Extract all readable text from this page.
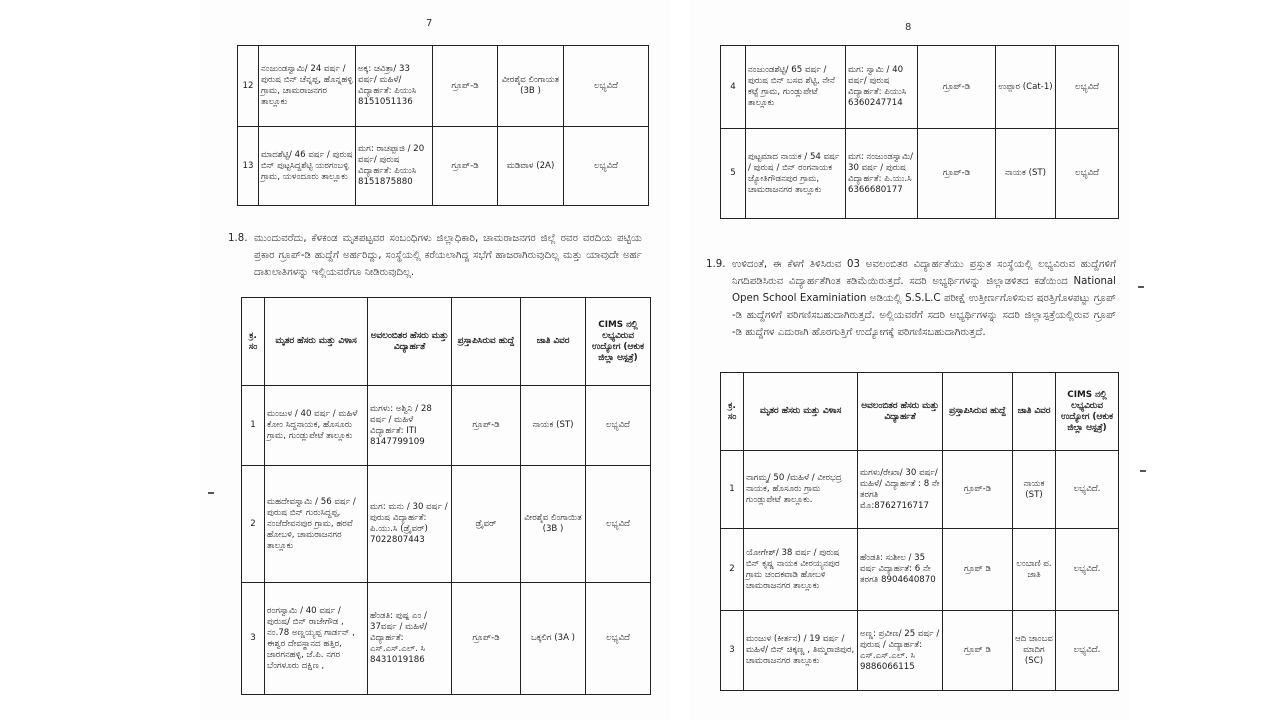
7	8
12	ನಂಜುಂಡಸ್ವಾಮಿ/ 24 ವರ್ಷ / ಪುರುಷ ಬಿನ್ ಚೆನ್ನಪ್ಪ, ಹೊನ್ನಹಳ್ಳಿ ಗ್ರಾಮ, ಚಾಮರಾಜನಗರ ತಾಲ್ಲೂಕು	ಅಕ್ಕ: ಚವಿತ್ರಾ/ 33 ವರ್ಷ/ ಮಹಿಳೆ/ ವಿದ್ಯಾರ್ಹತೆ: ಪಿಯುಸಿ 8151051136	ಗ್ರೂಪ್-ಡಿ	ವೀರಶೈವ ಲಿಂಗಾಯತ (3B )	ಲಭ್ಯವಿದೆ
13	ಮಾದಶೆಟ್ಟಿ/ 46 ವರ್ಷ / ಪುರುಷ ಬಿನ್ ಪುಟ್ಟಸಿದ್ದಶೆಟ್ಟಿ ಯರಗಂಬಳ್ಳಿ ಗ್ರಾಮ, ಯಳಂದೂರು ತಾಲ್ಲೂಕು	ಮಗ: ರಾಚಪ್ಪಾಜಿ / 20 ವರ್ಷ/ ಪುರುಷ ವಿದ್ಯಾರ್ಹತೆ: ಪಿಯುಸಿ 8151875880	ಗ್ರೂಪ್-ಡಿ	ಮಡಿವಾಳ (2A)	ಲಭ್ಯವಿದೆ
1.8. ಮುಂದುವರೆದು, ಕೆಳಕಂಡ ಮೃತಪಟ್ಟವರ ಸಂಬಂಧಿಗಳು ಜಿಲ್ಲಾಧಿಕಾರಿ, ಚಾಮರಾಜನಗರ ಜಿಲ್ಲೆ ರವರ ವರದಿಯ ಪಟ್ಟಿಯ ಪ್ರಕಾರ ಗ್ರೂಪ್-ಡಿ ಹುದ್ದೆಗೆ ಅರ್ಹರಿದ್ದು, ಸಂಸ್ಥೆಯಲ್ಲಿ ಕರೆಯಲಾಗಿದ್ದ ಸಭೆಗೆ ಹಾಜರಾಗಿರುವುದಿಲ್ಲ ಮತ್ತು ಯಾವುದೇ ಅರ್ಹ ದಾಖಲಾತಿಗಳನ್ನು ಇಲ್ಲಿಯವರೆಗೂ ನೀಡಿರುವುದಿಲ್ಲ.
ಕ್ರ. ಸಂ	ಮೃತರ ಹೆಸರು ಮತ್ತು ವಿಳಾಸ	ಅವಲಂಬಿತರ ಹೆಸರು ಮತ್ತು ವಿದ್ಯಾರ್ಹತೆ	ಪ್ರಸ್ತಾಪಿಸಿರುವ ಹುದ್ದೆ	ಜಾತಿ ವಿವರ	CIMS ನಲ್ಲಿ ಲಭ್ಯವಿರುವ ಉದ್ಯೋಗ (ಆಕುಕ ಜಿಲ್ಲಾ ಆಸ್ಪತ್ರೆ)
1	ಮಂಜುಳ / 40 ವರ್ಷ / ಮಹಿಳೆ ಕೋಂ ಸಿದ್ದನಾಯಕ, ಹೊಸೂರು ಗ್ರಾಮ, ಗುಂಡ್ಲುಪೇಟೆ ತಾಲ್ಲೂಕು	ಮಗಳು: ಅಶ್ವಿನಿ / 28 ವರ್ಷ / ಮಹಿಳೆ ವಿದ್ಯಾರ್ಹತೆ: ITI 8147799109	ಗ್ರೂಪ್-ಡಿ	ನಾಯಕ (ST)	ಲಭ್ಯವಿದೆ
2	ಮಹದೇವಸ್ವಾಮಿ / 56 ವರ್ಷ / ಪುರುಷ ಬಿನ್ ಗುರುಸಿದ್ದಪ್ಪ, ನಂಜೆದೇವನಪುರ ಗ್ರಾಮ, ಹರವೆ ಹೋಬಳಿ, ಚಾಮರಾಜನಗರ ತಾಲ್ಲೂಕು	ಮಗ: ಮನು / 30 ವರ್ಷ / ಪುರುಷ ವಿದ್ಯಾರ್ಹತೆ: ಪಿ.ಯು.ಸಿ (ಡ್ರೈವರ್) 7022807443	ಡ್ರೈವರ್	ವೀರಶೈವ ಲಿಂಗಾಯಿತ (3B )	ಲಭ್ಯವಿದೆ
3	ರಂಗಸ್ವಾಮಿ / 40 ವರ್ಷ / ಪುರುಷ/ ಬಿನ್ ರಾಜೇಗೌಡ , ನಂ.78 ಅಣ್ಣಯ್ಯಪ್ಪ ಗಾರ್ಡನ್ , ಈಶ್ವರ ದೇವಸ್ಥಾನದ ಹತ್ತಿರ, ಜಾರಗನಹಳ್ಳಿ, ಜೆ.ಪಿ. ನಗರ ಬೆಂಗಳೂರು ದಕ್ಷಿಣ ,	ಹೆಂಡತಿ: ಪುಷ್ಪ ಎಂ / 37ವರ್ಷ / ಮಹಿಳೆ/ ವಿದ್ಯಾರ್ಹತೆ: ಎಸ್.ಎಸ್.ಎಲ್. ಸಿ 8431019186	ಗ್ರೂಪ್-ಡಿ	ಒಕ್ಕಲಿಗ (3A )	ಲಭ್ಯವಿದೆ
4	ನಂಜುಂಡಶೆಟ್ಟಿ/ 65 ವರ್ಷ / ಪುರುಷ ಬಿನ್ ಬಸವ ಶೆಟ್ಟಿ, ನೇನೆ ಕಟ್ಟೆ ಗ್ರಾಮ, ಗುಂಡ್ಲುಪೇಟೆ ತಾಲ್ಲೂಕು	ಮಗ: ಸ್ವಾಮಿ / 40 ವರ್ಷ/ ಪುರುಷ ವಿದ್ಯಾರ್ಹತೆ: ಪಿಯುಸಿ 6360247714	ಗ್ರೂಪ್-ಡಿ	ಉಪ್ಪಾರ (Cat-1)	ಲಭ್ಯವಿದೆ
5	ಪುಟ್ಟಮಾದ ನಾಯಕ / 54 ವರ್ಷ / ಪುರುಷ / ಬಿನ್ ರಂಗನಾಯಕ ಜ್ಯೋತಿಗೌಡನಪುರ ಗ್ರಾಮ, ಚಾಮರಾಜನಗರ ತಾಲ್ಲೂಕು	ಮಗ: ನಂಜುಂಡಸ್ವಾಮಿ/ 30 ವರ್ಷ / ಪುರುಷ ವಿದ್ಯಾರ್ಹತೆ: ಪಿ.ಯು.ಸಿ 6366680177	ಗ್ರೂಪ್-ಡಿ	ನಾಯಕ (ST)	ಲಭ್ಯವಿದೆ
1.9. ಉಳಿದಂತೆ, ಈ ಕೆಳಗೆ ತಿಳಿಸಿರುವ 03 ಅವಲಂಬಿತರ ವಿದ್ಯಾರ್ಹತೆಯು ಪ್ರಸ್ತುತ ಸಂಸ್ಥೆಯಲ್ಲಿ ಲಭ್ಯವಿರುವ ಹುದ್ದೆಗಳಿಗೆ ನಿಗದಿಪಡಿಸಿರುವ ವಿದ್ಯಾರ್ಹತೆಗಿಂತ ಕಡಿಮೆಯಿರುತ್ತದೆ. ಸದರಿ ಅಭ್ಯರ್ಥಿಗಳನ್ನು ಜಿಲ್ಲಾಡಳಿತದ ಕಡೆಯಿಂದ National Open School Examiniation ಅಡಿಯಲ್ಲಿ S.S.L.C ಪರೀಕ್ಷೆ ಉತ್ತೀರ್ಣಗೊಳಿಸುವ ಷರತ್ತಿಗೊಳಪಟ್ಟು ಗ್ರೂಪ್ -ಡಿ ಹುದ್ದೆಗಳಿಗೆ ಪರಿಗಣಿಸಬಹುದಾಗಿರುತ್ತದೆ. ಅಲ್ಲಿಯವರೆಗೆ ಸದರಿ ಅಭ್ಯರ್ಥಿಗಳನ್ನು ಸದರಿ ಜಿಲ್ಲಾಸ್ಪತ್ರೆಯಲ್ಲಿರುವ ಗ್ರೂಪ್ -ಡಿ ಹುದ್ದೆಗಳ ಎದುರಾಗಿ ಹೊರಗುತ್ತಿಗೆ ಉದ್ಯೋಗಕ್ಕೆ ಪರಿಗಣಿಸಬಹುದಾಗಿರುತ್ತದೆ.
ಕ್ರ. ಸಂ	ಮೃತರ ಹೆಸರು ಮತ್ತು ವಿಳಾಸ	ಅವಲಂಬಿತರ ಹೆಸರು ಮತ್ತು ವಿದ್ಯಾರ್ಹತೆ	ಪ್ರಸ್ತಾಪಿಸಿರುವ ಹುದ್ದೆ	ಜಾತಿ ವಿವರ	CIMS ನಲ್ಲಿ ಲಭ್ಯವಿರುವ ಉದ್ಯೋಗ (ಆಕುಕ ಜಿಲ್ಲಾ ಆಸ್ಪತ್ರೆ)
1	ನಾಗಮ್ಮ/ 50 /ಮಹಿಳೆ / ವೀರಭದ್ರ ನಾಯಕ, ಹೊಸೂರು ಗ್ರಾಮ ಗುಂಡ್ಲುಪೇಟೆ ತಾಲ್ಲೂಕು.	ಮಗಳು/ರೇಖಾ/ 30 ವರ್ಷ/ ಮಹಿಳೆ/ ವಿದ್ಯಾರ್ಹತೆ : 8 ನೇ ತರಗತಿ ಮೊ:8762716717	ಗ್ರೂಪ್-ಡಿ	ನಾಯಕ (ST)	ಲಭ್ಯವಿದೆ.
2	ಯೋಗೇಶ್/ 38 ವರ್ಷ / ಪುರುಷ ಬಿನ್ ಕೃಷ್ಣ ನಾಯಕ ವೀರಯ್ಯನಪುರ ಗ್ರಾಮ ಚಂದಕವಾಡಿ ಹೋಬಳಿ ಚಾಮರಾಜನಗರ ತಾಲ್ಲೂಕು	ಹೆಂಡತಿ: ಸುಶೀಲ / 35 ವರ್ಷ ವಿದ್ಯಾರ್ಹತೆ: 6 ನೇ ತರಗತಿ 8904640870	ಗ್ರೂಪ್ ಡಿ	ಲಂಬಾಣಿ ಪ. ಜಾತಿ	ಲಭ್ಯವಿದೆ.
3	ಮಂಜುಳ (ಕೀರ್ತನ) / 19 ವರ್ಷ / ಮಹಿಳೆ/ ಬಿನ್ ಚಿಕ್ಕಣ್ಣ , ತಿಮ್ಮರಾಜಿಪುರ, ಚಾಮರಾಜನಗರ ತಾಲ್ಲೂಕು	ಅಣ್ಣ: ಪ್ರವೀಣ/ 25 ವರ್ಷ / ಪುರುಷ / ವಿದ್ಯಾರ್ಹತೆ: ಎಸ್.ಎಸ್.ಎಲ್. ಸಿ 9886066115	ಗ್ರೂಪ್ ಡಿ	ಆದಿ ಜಾಂಬವ ಮಾದಿಗ (SC)	ಲಭ್ಯವಿದೆ.
